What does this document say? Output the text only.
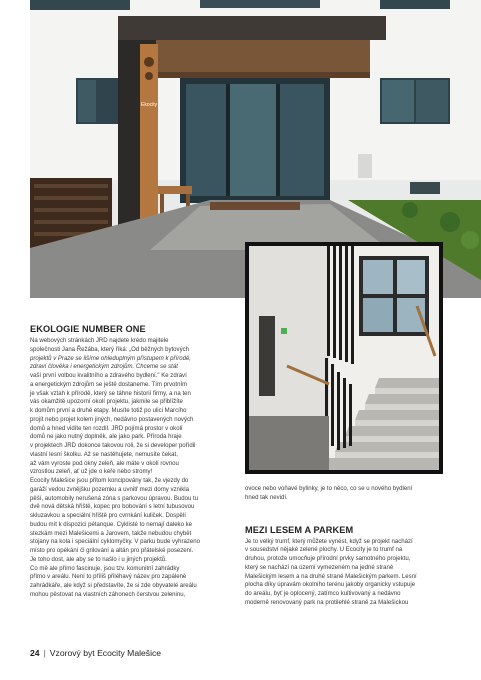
Ekocity
EKOLOGIE NUMBER ONE
Na webových stránkách JRD najdete krédo majitele
společnosti Jana Řežába, který říká: „Od běžných bytových
projektů v Praze se lišíme ohleduplným přístupem k přírodě,
zdraví člověka i energetickým zdrojům. Chceme se stát
vaší první volbou kvalitního a zdravého bydlení." Ke zdraví
a energetickým zdrojům se ještě dostaneme. Tím prvotním
je však vztah k přírodě, který se táhne historií firmy, a na ten
vás okamžitě upozorní okolí projektu, jakmile se přiblížíte
k domům první a druhé etapy. Musíte totiž po ulici Marcího
projít nebo projet kolem jiných, nedávno postavených nových
domů a hned vidíte ten rozdíl. JRD pojímá prostor v okolí
domů ne jako nutný doplněk, ale jako park. Příroda hraje
v projektech JRD dokonce takovou roli, že si developer pořídil
vlastní lesní školku. Až se nastěhujete, nemusíte čekat,
až vám vyroste pod okny zeleň, ale máte v okolí rovnou
vzrostlou zeleň, ať už jde o keře nebo stromy!
Ecocity Malešice jsou přitom koncipovány tak, že vjezdy do
garáží vedou zvnějšku pozemku a uvnitř mezi domy vznikla
pěší, automobily nerušená zóna s parkovou úpravou. Budou tu
dvě nová dětská hřiště, kopec pro bobování s letní tubusovou
skluzavkou a speciální hřiště pro cvrnkání kuliček. Dospělí
budou mít k dispozici pétanque. Cyklisté to nemají daleko ke
stezkám mezi Malešicemi a Jarovem, takže nebudou chybět
stojany na kola i speciální cyklomyčky. V parku bude vyhrazeno
místo pro opékání či grilování a altán pro přátelské posezení.
Je toho dost, ale aby se to našlo i u jiných projektů.
Co mě ale přímo fascinuje, jsou tzv. komunitní zahrádky
přímo v areálu. Není to příliš přiléhavý název pro zapálené
zahrádkáře, ale když si představíte, že si zde obyvatelé areálu
mohou pěstovat na vlastních záhonech čerstvou zeleninu,
ovoce nebo voňavé bylinky, je to něco, co se u nového bydlení
hned tak nevidí.
MEZI LESEM A PARKEM
Je to velký trumf, který můžete vynést, když se projekt nachází
v sousedství nějaké zelené plochy. U Ecocity je to trumf na
druhou, protože umocňuje přírodní prvky samotného projektu,
který se nachází na území vymezeném na jedné straně
Malešickým lesem a na druhé straně Malešickým parkem. Lesní
plocha díky úpravám okolního terénu jakoby organicky vstupuje
do areálu, byť je oplocený, zatímco kultivovaný a nedávno
moderně renovovaný park na protilehlé straně za Malešickou
24 | Vzorový byt Ecocity Malešice
